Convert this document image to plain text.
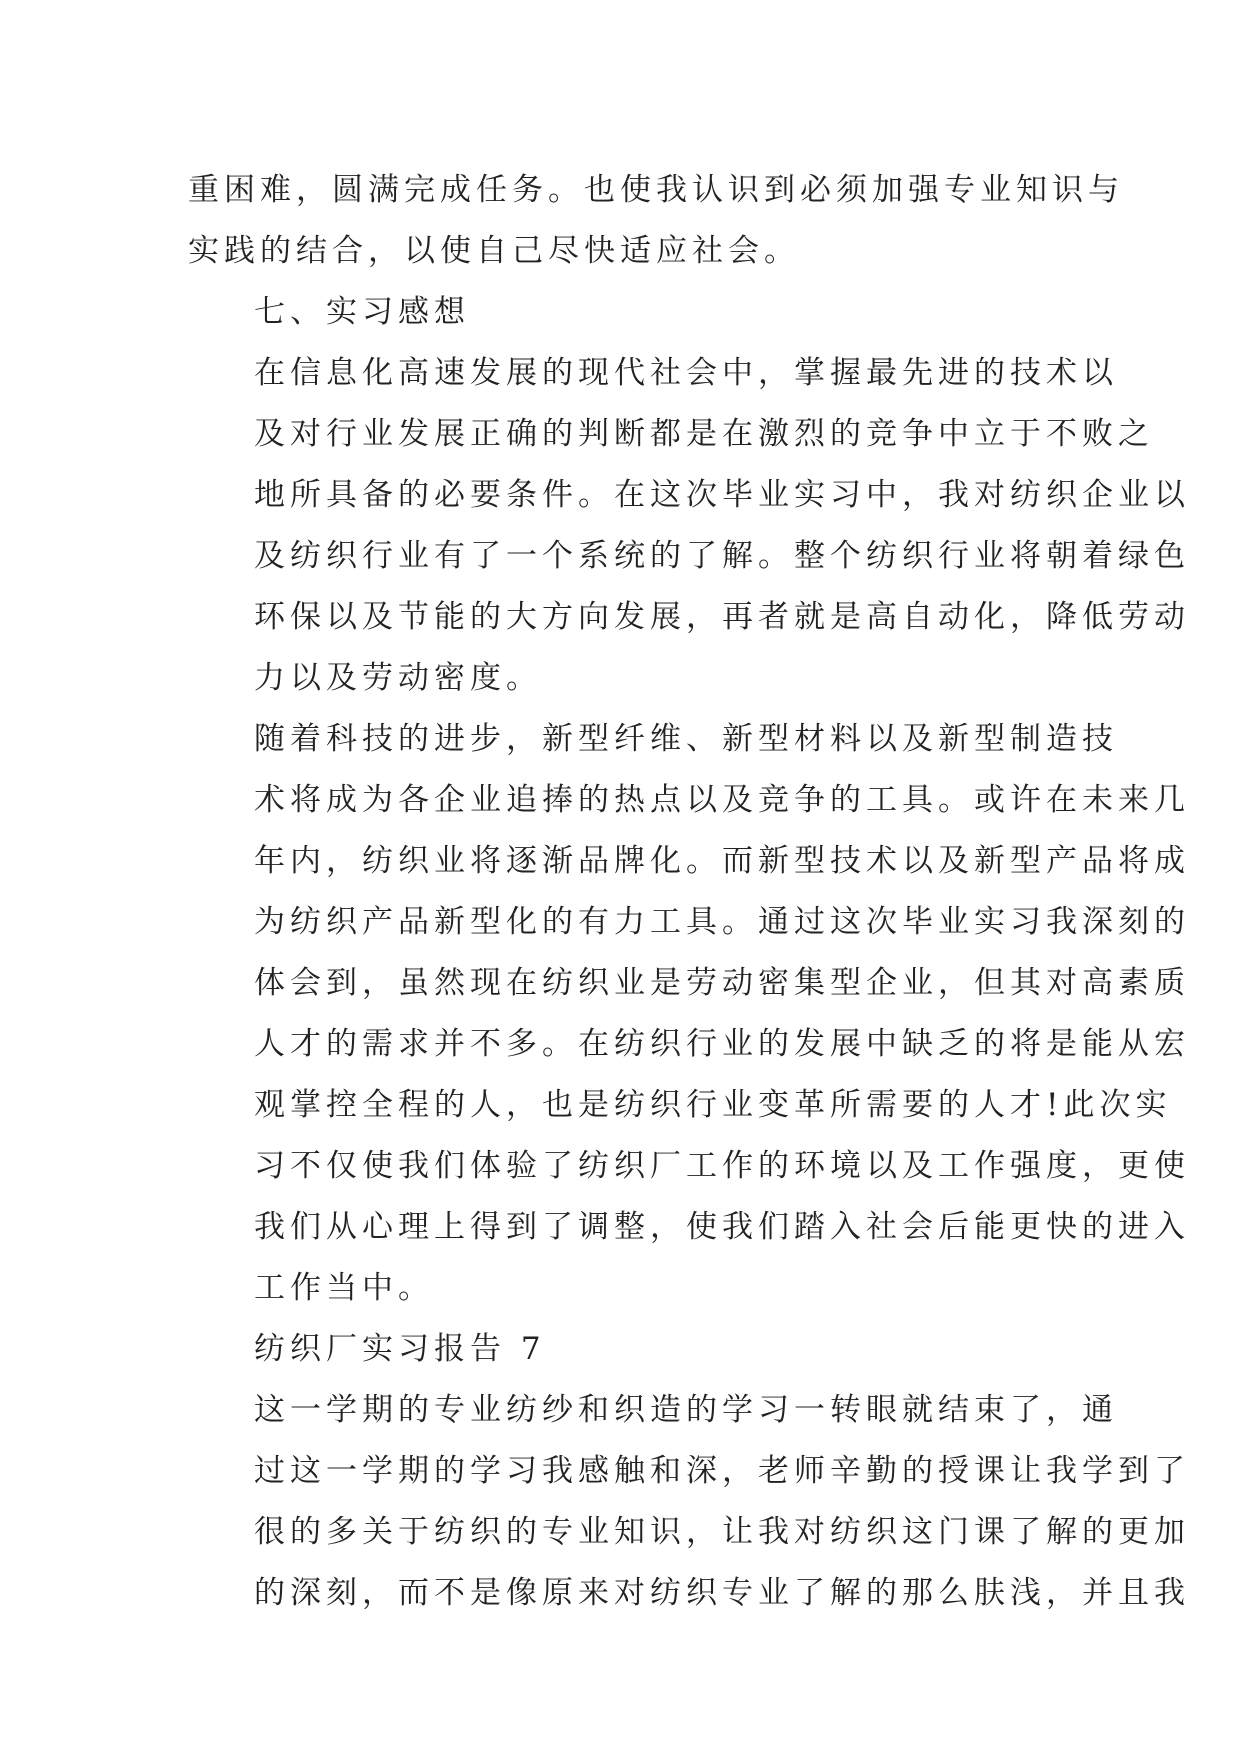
重困难，圆满完成任务。也使我认识到必须加强专业知识与
实践的结合，以使自己尽快适应社会。

七、实习感想

在信息化高速发展的现代社会中，掌握最先进的技术以
及对行业发展正确的判断都是在激烈的竞争中立于不败之
地所具备的必要条件。在这次毕业实习中，我对纺织企业以
及纺织行业有了一个系统的了解。整个纺织行业将朝着绿色
环保以及节能的大方向发展，再者就是高自动化，降低劳动
力以及劳动密度。

随着科技的进步，新型纤维、新型材料以及新型制造技
术将成为各企业追捧的热点以及竞争的工具。或许在未来几
年内，纺织业将逐渐品牌化。而新型技术以及新型产品将成
为纺织产品新型化的有力工具。通过这次毕业实习我深刻的
体会到，虽然现在纺织业是劳动密集型企业，但其对高素质
人才的需求并不多。在纺织行业的发展中缺乏的将是能从宏
观掌控全程的人，也是纺织行业变革所需要的人才!此次实
习不仅使我们体验了纺织厂工作的环境以及工作强度，更使
我们从心理上得到了调整，使我们踏入社会后能更快的进入
工作当中。

纺织厂实习报告 7

这一学期的专业纺纱和织造的学习一转眼就结束了，通
过这一学期的学习我感触和深，老师辛勤的授课让我学到了
很的多关于纺织的专业知识，让我对纺织这门课了解的更加
的深刻，而不是像原来对纺织专业了解的那么肤浅，并且我
